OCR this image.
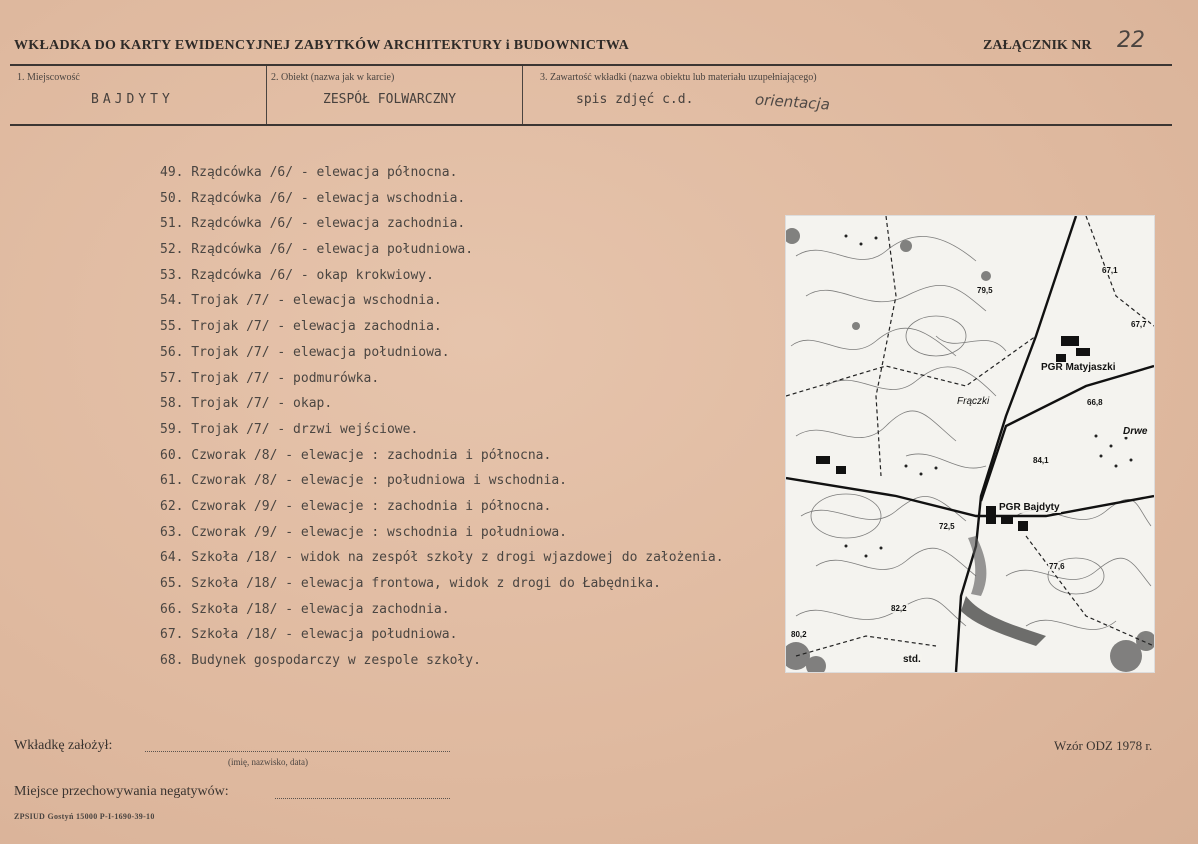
WKŁADKA DO KARTY EWIDENCYJNEJ ZABYTKÓW ARCHITEKTURY i BUDOWNICTWA	ZAŁĄCZNIK NR 22
1. Miejscowość
BAJDYTY
2. Obiekt (nazwa jak w karcie)
ZESPÓŁ FOLWARCZNY
3. Zawartość wkładki (nazwa obiektu lub materiału uzupełniającego)
spis zdjęć c.d.	orientacja
49. Rządcówka /6/ - elewacja północna.
50. Rządcówka /6/ - elewacja wschodnia.
51. Rządcówka /6/ - elewacja zachodnia.
52. Rządcówka /6/ - elewacja południowa.
53. Rządcówka /6/ - okap krokwiowy.
54. Trojak /7/ - elewacja wschodnia.
55. Trojak /7/ - elewacja zachodnia.
56. Trojak /7/ - elewacja południowa.
57. Trojak /7/ - podmurówka.
58. Trojak /7/ - okap.
59. Trojak /7/ - drzwi wejściowe.
60. Czworak /8/ - elewacje : zachodnia i północna.
61. Czworak /8/ - elewacje : południowa i wschodnia.
62. Czworak /9/ - elewacje : zachodnia i północna.
63. Czworak /9/ - elewacje : wschodnia i południowa.
64. Szkoła /18/ - widok na zespół szkoły z drogi wjazdowej do założenia.
65. Szkoła /18/ - elewacja frontowa, widok z drogi do Łabędnika.
66. Szkoła /18/ - elewacja zachodnia.
67. Szkoła /18/ - elewacja południowa.
68. Budynek gospodarczy w zespole szkoły.
PGR Matyjaszki
PGR Bajdyty
Frączki
Drwe
std.
67,1
79,5
66,8
84,1
77,6
82,2
80,2
72,5
67,7
Wkładkę założył:
(imię, nazwisko, data)
Miejsce przechowywania negatywów:
Wzór ODZ 1978 r.
ZPSIUD Gostyń 15000 P-I-1690-39-10
